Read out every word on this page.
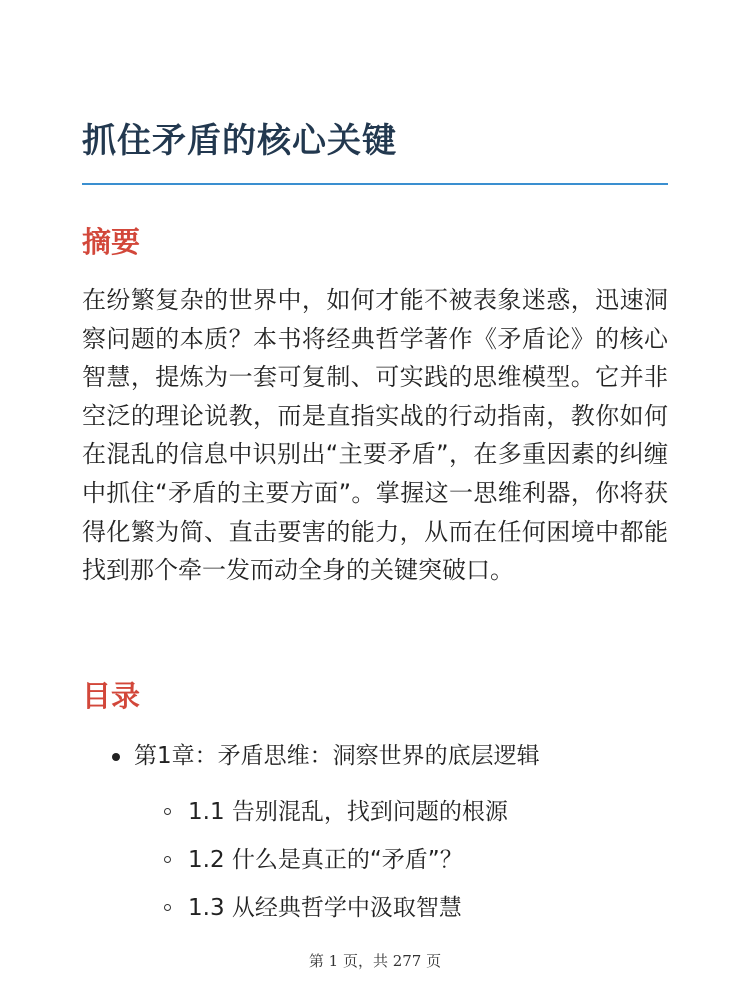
抓住矛盾的核心关键
摘要

在纷繁复杂的世界中，如何才能不被表象迷惑，迅速洞察问题的本质？本书将经典哲学著作《矛盾论》的核心智慧，提炼为一套可复制、可实践的思维模型。它并非空泛的理论说教，而是直指实战的行动指南，教你如何在混乱的信息中识别出“主要矛盾”，在多重因素的纠缠中抓住“矛盾的主要方面”。掌握这一思维利器，你将获得化繁为简、直击要害的能力，从而在任何困境中都能找到那个牵一发而动全身的关键突破口。

目录
第1章：矛盾思维：洞察世界的底层逻辑
1.1 告别混乱，找到问题的根源
1.2 什么是真正的“矛盾”？
1.3 从经典哲学中汲取智慧
第 1 页，共 277 页
